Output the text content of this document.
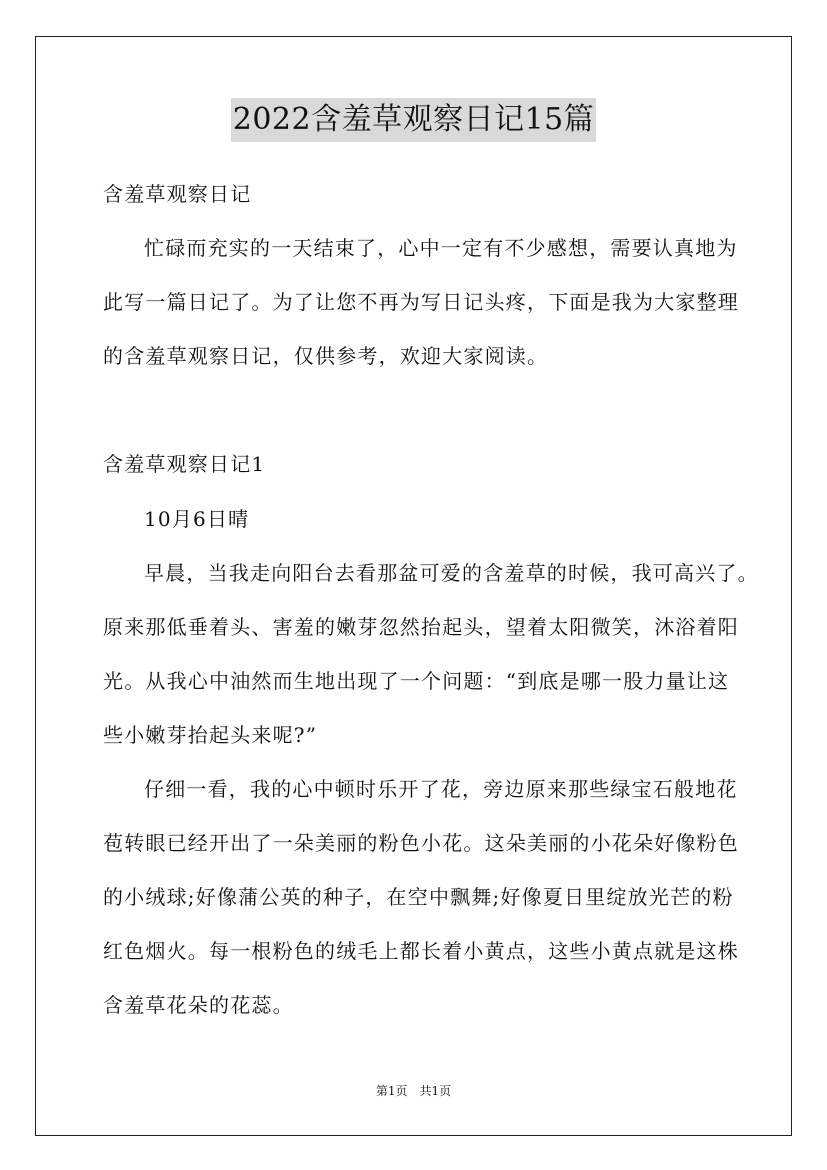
2022含羞草观察日记15篇
含羞草观察日记
忙碌而充实的一天结束了，心中一定有不少感想，需要认真地为
此写一篇日记了。为了让您不再为写日记头疼，下面是我为大家整理
的含羞草观察日记，仅供参考，欢迎大家阅读。
含羞草观察日记1
10月6日晴
早晨，当我走向阳台去看那盆可爱的含羞草的时候，我可高兴了。
原来那低垂着头、害羞的嫩芽忽然抬起头，望着太阳微笑，沐浴着阳
光。从我心中油然而生地出现了一个问题：“到底是哪一股力量让这
些小嫩芽抬起头来呢?”
仔细一看，我的心中顿时乐开了花，旁边原来那些绿宝石般地花
苞转眼已经开出了一朵美丽的粉色小花。这朵美丽的小花朵好像粉色
的小绒球;好像蒲公英的种子，在空中飘舞;好像夏日里绽放光芒的粉
红色烟火。每一根粉色的绒毛上都长着小黄点，这些小黄点就是这株
含羞草花朵的花蕊。
第1页　共1页
